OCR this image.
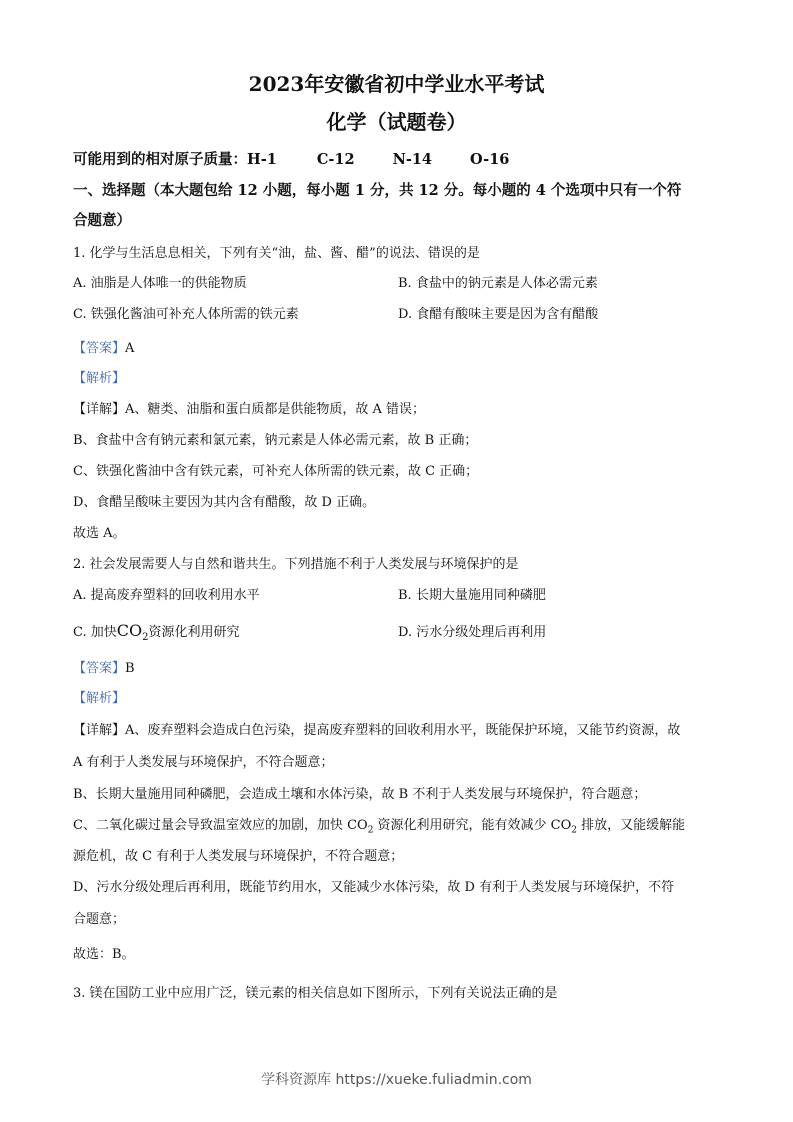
2023年安徽省初中学业水平考试
化学（试题卷）
可能用到的相对原子质量：H-1	C-12	N-14	O-16
一、选择题（本大题包给 12 小题，每小题 1 分，共 12 分。每小题的 4 个选项中只有一个符
合题意）
1. 化学与生活息息相关，下列有关“油，盐、酱、醋”的说法、错误的是
A. 油脂是人体唯一的供能物质	B. 食盐中的钠元素是人体必需元素
C. 铁强化酱油可补充人体所需的铁元素	D. 食醋有酸味主要是因为含有醋酸
【答案】A
【解析】
【详解】A、糖类、油脂和蛋白质都是供能物质，故 A 错误；
B、食盐中含有钠元素和氯元素，钠元素是人体必需元素，故 B 正确；
C、铁强化酱油中含有铁元素，可补充人体所需的铁元素，故 C 正确；
D、食醋呈酸味主要因为其内含有醋酸，故 D 正确。
故选 A。
2. 社会发展需要人与自然和谐共生。下列措施不利于人类发展与环境保护的是
A. 提高废弃塑料的回收利用水平	B. 长期大量施用同种磷肥
C. 加快$CO_2$资源化利用研究	D. 污水分级处理后再利用
【答案】B
【解析】
【详解】A、废弃塑料会造成白色污染，提高废弃塑料的回收利用水平，既能保护环境，又能节约资源，故
A 有利于人类发展与环境保护，不符合题意；
B、长期大量施用同种磷肥，会造成土壤和水体污染，故 B 不利于人类发展与环境保护，符合题意；
C、二氧化碳过量会导致温室效应的加剧，加快 $CO_2$ 资源化利用研究，能有效减少 $CO_2$ 排放，又能缓解能
源危机，故 C 有利于人类发展与环境保护，不符合题意；
D、污水分级处理后再利用，既能节约用水，又能减少水体污染，故 D 有利于人类发展与环境保护，不符
合题意；
故选：B。
3. 镁在国防工业中应用广泛，镁元素的相关信息如下图所示，下列有关说法正确的是
学科资源库 https://xueke.fuliadmin.com
